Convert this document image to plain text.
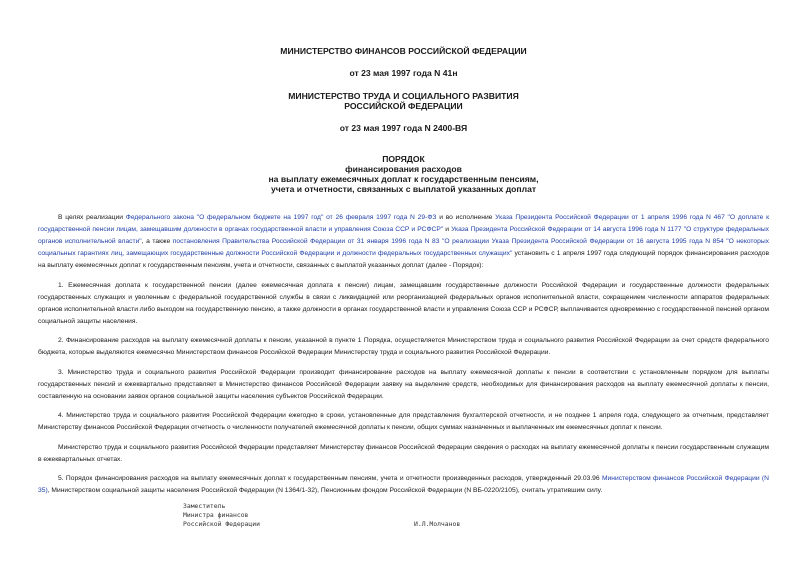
МИНИСТЕРСТВО ФИНАНСОВ РОССИЙСКОЙ ФЕДЕРАЦИИ
от 23 мая 1997 года N 41н
МИНИСТЕРСТВО ТРУДА И СОЦИАЛЬНОГО РАЗВИТИЯ
РОССИЙСКОЙ ФЕДЕРАЦИИ
от 23 мая 1997 года N 2400-ВЯ
ПОРЯДОК
финансирования расходов
на выплату ежемесячных доплат к государственным пенсиям,
учета и отчетности, связанных с выплатой указанных доплат

В целях реализации Федерального закона "О федеральном бюджете на 1997 год" от 26 февраля 1997 года N 29-ФЗ и во исполнение Указа Президента Российской Федерации от 1 апреля 1996 года N 467 "О доплате к государственной пенсии лицам, замещавшим должности в органах государственной власти и управления Союза ССР и РСФСР" и Указа Президента Российской Федерации от 14 августа 1996 года N 1177 "О структуре федеральных органов исполнительной власти", а также постановления Правительства Российской Федерации от 31 января 1996 года N 83 "О реализации Указа Президента Российской Федерации от 16 августа 1995 года N 854 "О некоторых социальных гарантиях лиц, замещающих государственные должности Российской Федерации и должности федеральных государственных служащих" установить с 1 апреля 1997 года следующий порядок финансирования расходов на выплату ежемесячных доплат к государственным пенсиям, учета и отчетности, связанных с выплатой указанных доплат (далее - Порядок):

1. Ежемесячная доплата к государственной пенсии (далее ежемесячная доплата к пенсии) лицам, замещавшим государственные должности Российской Федерации и государственные должности федеральных государственных служащих и уволенным с федеральной государственной службы в связи с ликвидацией или реорганизацией федеральных органов исполнительной власти, сокращением численности аппаратов федеральных органов исполнительной власти либо выходом на государственную пенсию, а также должности в органах государственной власти и управления Союза ССР и РСФСР, выплачивается одновременно с государственной пенсией органом социальной защиты населения.

2. Финансирование расходов на выплату ежемесячной доплаты к пенсии, указанной в пункте 1 Порядка, осуществляется Министерством труда и социального развития Российской Федерации за счет средств федерального бюджета, которые выделяются ежемесячно Министерством финансов Российской Федерации Министерству труда и социального развития Российской Федерации.

3. Министерство труда и социального развития Российской Федерации производит финансирование расходов на выплату ежемесячной доплаты к пенсии в соответствии с установленным порядком для выплаты государственных пенсий и ежеквартально представляет в Министерство финансов Российской Федерации заявку на выделение средств, необходимых для финансирования расходов на выплату ежемесячной доплаты к пенсии, составленную на основании заявок органов социальной защиты населения субъектов Российской Федерации.

4. Министерство труда и социального развития Российской Федерации ежегодно в сроки, установленные для представления бухгалтерской отчетности, и не позднее 1 апреля года, следующего за отчетным, представляет Министерству финансов Российской Федерации отчетность о численности получателей ежемесячной доплаты к пенсии, общих суммах назначенных и выплаченных им ежемесячных доплат к пенсии.

Министерство труда и социального развития Российской Федерации представляет Министерству финансов Российской Федерации сведения о расходах на выплату ежемесячной доплаты к пенсии государственным служащим в ежеквартальных отчетах.

5. Порядок финансирования расходов на выплату ежемесячных доплат к государственным пенсиям, учета и отчетности произведенных расходов, утвержденный 29.03.96 Министерством финансов Российской Федерации (N 35), Министерством социальной защиты населения Российской Федерации (N 1364/1-32), Пенсионным фондом Российской Федерации (N ВБ-0220/2105), считать утратившим силу.

Заместитель
Министра финансов
Российской Федерации	И.Л.Молчанов
